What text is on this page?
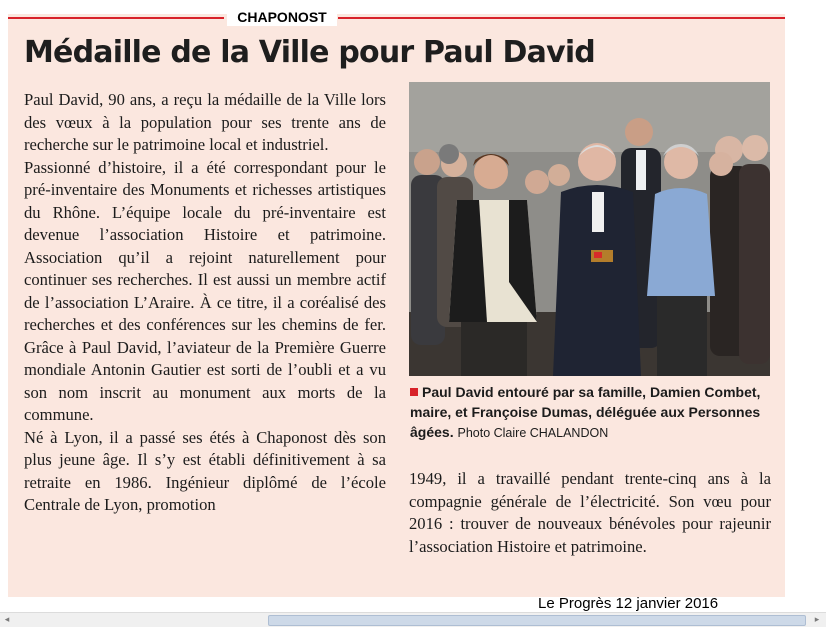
CHAPONOST
Médaille de la Ville pour Paul David

Paul David, 90 ans, a reçu la médaille de la Ville lors des vœux à la population pour ses trente ans de recherche sur le patrimoine local et industriel.

Passionné d’histoire, il a été correspondant pour le pré-inventaire des Monuments et richesses artistiques du Rhône. L’équipe locale du pré-inventaire est devenue l’association Histoire et patrimoine. Association qu’il a rejoint naturellement pour continuer ses recherches. Il est aussi un membre actif de l’association L’Araire. À ce titre, il a coréalisé des recherches et des conférences sur les chemins de fer. Grâce à Paul David, l’aviateur de la Première Guerre mondiale Antonin Gautier est sorti de l’oubli et a vu son nom inscrit au monument aux morts de la commune.

Né à Lyon, il a passé ses étés à Chaponost dès son plus jeune âge. Il s’y est établi définitivement à sa retraite en 1986. Ingénieur diplômé de l’école Centrale de Lyon, promotion

Paul David entouré par sa famille, Damien Combet, maire, et Françoise Dumas, déléguée aux Personnes âgées. Photo Claire CHALANDON

1949, il a travaillé pendant trente-cinq ans à la compagnie générale de l’électricité. Son vœu pour 2016 : trouver de nouveaux bénévoles pour rajeunir l’association Histoire et patrimoine.

Le Progrès 12 janvier 2016
◂	▸
